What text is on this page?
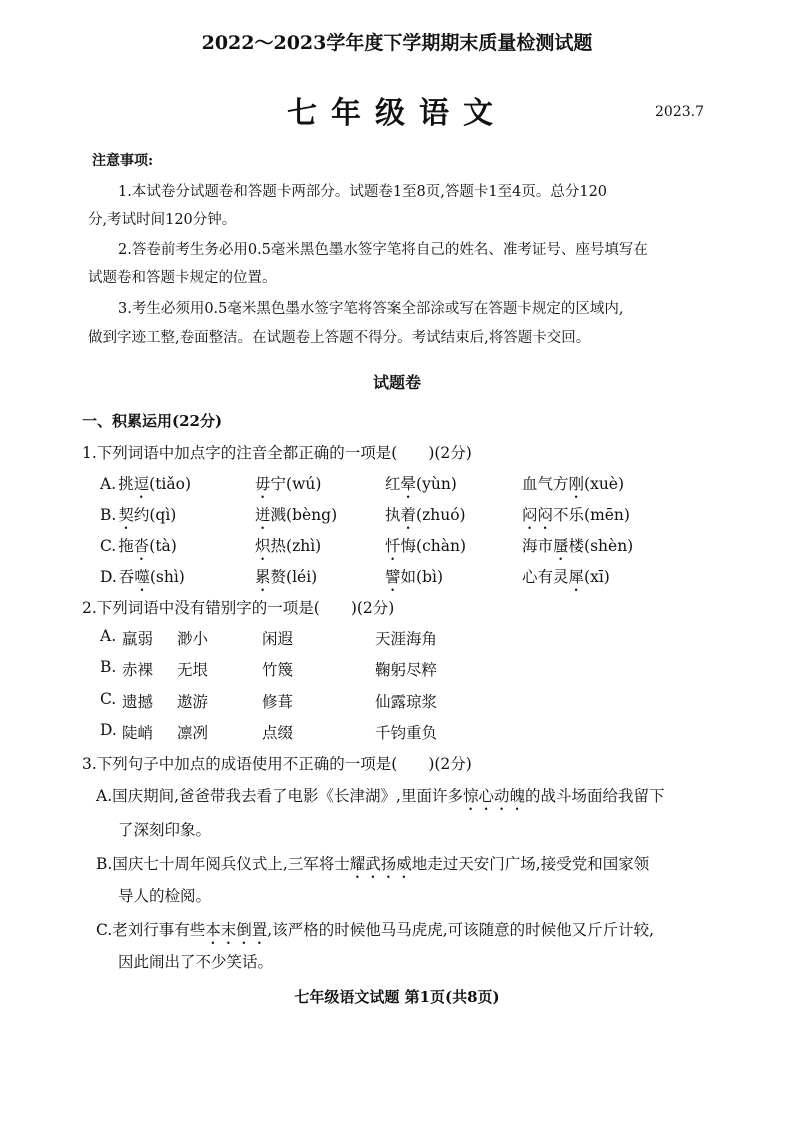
2022～2023学年度下学期期末质量检测试题
七年级语文	2023.7
注意事项:
1.本试卷分试题卷和答题卡两部分。试题卷1至8页,答题卡1至4页。总分120
分,考试时间120分钟。
2.答卷前考生务必用0.5毫米黑色墨水签字笔将自己的姓名、准考证号、座号填写在
试题卷和答题卡规定的位置。
3.考生必须用0.5毫米黑色墨水签字笔将答案全部涂或写在答题卡规定的区域内,
做到字迹工整,卷面整洁。在试题卷上答题不得分。考试结束后,将答题卡交回。
试题卷
一、积累运用(22分)
1.下列词语中加点字的注音全都正确的一项是(　　)(2分)
A. 挑逗(tiǎo)	毋宁(wú)	红晕(yùn)	血气方刚(xuè)
B. 契约(qì)	迸溅(bèng)	执着(zhuó)	闷闷不乐(mēn)
C. 拖沓(tà)	炽热(zhì)	忏悔(chàn)	海市蜃楼(shèn)
D. 吞噬(shì)	累赘(léi)	譬如(bì)	心有灵犀(xī)
2.下列词语中没有错别字的一项是(　　)(2分)
A. 羸弱 渺小	闲遐	天涯海角
B. 赤裸 无垠	竹篾	鞠躬尽粹
C. 遗撼 遨游	修葺	仙露琼浆
D. 陡峭 凛冽	点缀	千钧重负
3.下列句子中加点的成语使用不正确的一项是(　　)(2分)
A.国庆期间,爸爸带我去看了电影《长津湖》,里面许多惊心动魄的战斗场面给我留下
了深刻印象。
B.国庆七十周年阅兵仪式上,三军将士耀武扬威地走过天安门广场,接受党和国家领
导人的检阅。
C.老刘行事有些本末倒置,该严格的时候他马马虎虎,可该随意的时候他又斤斤计较,
因此闹出了不少笑话。
七年级语文试题 第1页(共8页)
